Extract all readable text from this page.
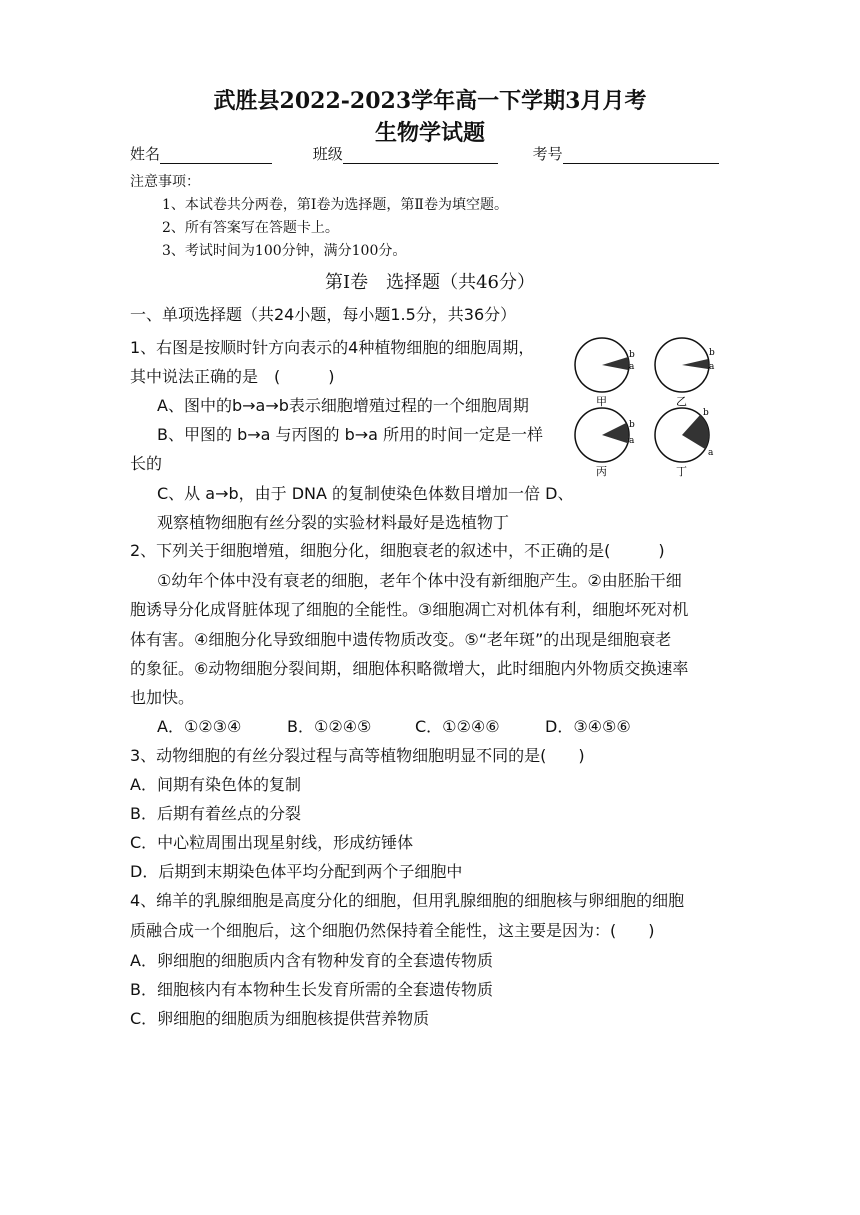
武胜县2022-2023学年高一下学期3月月考
生物学试题
姓名	班级	考号
注意事项：
1、本试卷共分两卷，第Ⅰ卷为选择题，第Ⅱ卷为填空题。
2、所有答案写在答题卡上。
3、考试时间为100分钟，满分100分。
第Ⅰ卷　选择题（共46分）
一、单项选择题（共24小题，每小题1.5分，共36分）
1、右图是按顺时针方向表示的4种植物细胞的细胞周期，
其中说法正确的是　(　　　)
A、图中的b→a→b表示细胞增殖过程的一个细胞周期
B、甲图的 b→a 与丙图的 b→a 所用的时间一定是一样
长的
C、从 a→b，由于 DNA 的复制使染色体数目增加一倍 D、
观察植物细胞有丝分裂的实验材料最好是选植物丁
b
a
甲
b
a
乙
b
a
丙
b
a
丁
2、下列关于细胞增殖，细胞分化，细胞衰老的叙述中，不正确的是(　　　)
①幼年个体中没有衰老的细胞，老年个体中没有新细胞产生。②由胚胎干细
胞诱导分化成肾脏体现了细胞的全能性。③细胞凋亡对机体有利，细胞坏死对机
体有害。④细胞分化导致细胞中遗传物质改变。⑤“老年斑”的出现是细胞衰老
的象征。⑥动物细胞分裂间期，细胞体积略微增大，此时细胞内外物质交换速率
也加快。
A．①②③④	B．①②④⑤	C．①②④⑥	D．③④⑤⑥
3、动物细胞的有丝分裂过程与高等植物细胞明显不同的是(　　)
A．间期有染色体的复制
B．后期有着丝点的分裂
C．中心粒周围出现星射线，形成纺锤体
D．后期到末期染色体平均分配到两个子细胞中
4、绵羊的乳腺细胞是高度分化的细胞，但用乳腺细胞的细胞核与卵细胞的细胞
质融合成一个细胞后，这个细胞仍然保持着全能性，这主要是因为：(　　)
A．卵细胞的细胞质内含有物种发育的全套遗传物质
B．细胞核内有本物种生长发育所需的全套遗传物质
C．卵细胞的细胞质为细胞核提供营养物质
